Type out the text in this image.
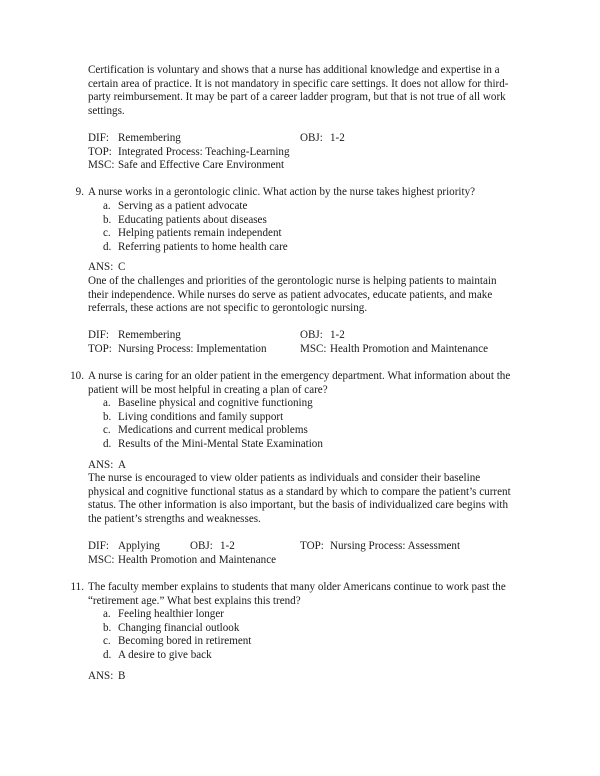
Certification is voluntary and shows that a nurse has additional knowledge and expertise in a certain area of practice. It is not mandatory in specific care settings. It does not allow for third-party reimbursement. It may be part of a career ladder program, but that is not true of all work settings.

DIF: Remembering	OBJ: 1-2
TOP: Integrated Process: Teaching-Learning
MSC: Safe and Effective Care Environment
9. A nurse works in a gerontologic clinic. What action by the nurse takes highest priority?

a. Serving as a patient advocate
b. Educating patients about diseases
c. Helping patients remain independent
d. Referring patients to home health care
ANS: C

One of the challenges and priorities of the gerontologic nurse is helping patients to maintain their independence. While nurses do serve as patient advocates, educate patients, and make referrals, these actions are not specific to gerontologic nursing.

DIF: Remembering	OBJ: 1-2
TOP: Nursing Process: Implementation	MSC: Health Promotion and Maintenance
10. A nurse is caring for an older patient in the emergency department. What information about the patient will be most helpful in creating a plan of care?

a. Baseline physical and cognitive functioning
b. Living conditions and family support
c. Medications and current medical problems
d. Results of the Mini-Mental State Examination
ANS: A

The nurse is encouraged to view older patients as individuals and consider their baseline physical and cognitive functional status as a standard by which to compare the patient’s current status. The other information is also important, but the basis of individualized care begins with the patient’s strengths and weaknesses.

DIF: Applying	OBJ: 1-2	TOP: Nursing Process: Assessment
MSC: Health Promotion and Maintenance
11. The faculty member explains to students that many older Americans continue to work past the “retirement age.” What best explains this trend?

a. Feeling healthier longer
b. Changing financial outlook
c. Becoming bored in retirement
d. A desire to give back
ANS: B
